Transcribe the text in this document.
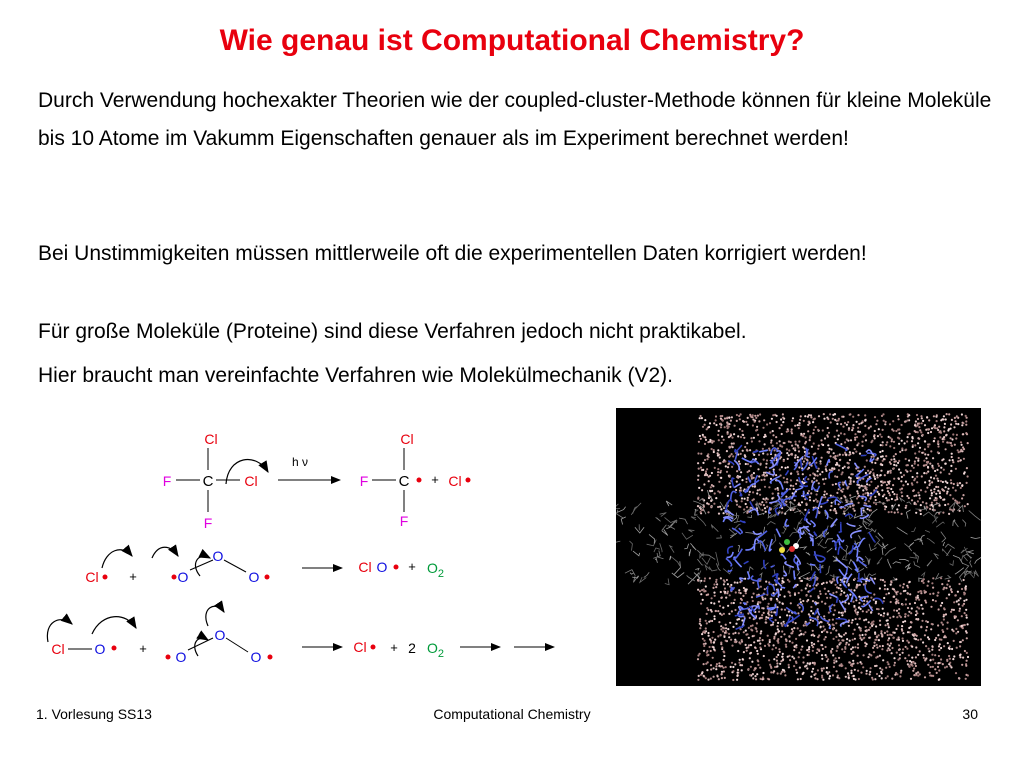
Wie genau ist Computational Chemistry?
Durch Verwendung hochexakter Theorien wie der coupled-cluster-Methode können für kleine Moleküle bis 10 Atome im Vakumm Eigenschaften genauer als im Experiment berechnet werden!
Bei Unstimmigkeiten müssen mittlerweile oft die experimentellen Daten korrigiert werden!
Für große Moleküle (Proteine) sind diese Verfahren jedoch nicht praktikabel.
Hier braucht man vereinfachte Verfahren wie Molekülmechanik (V2).
Cl
C
F	Cl
F
h ν
Cl
C
F
F
+ Cl
Cl +	O
O
O
Cl $O + O_2$
Cl O	+
O
O
O
Cl + 2 $O_2$
1. Vorlesung SS13	Computational Chemistry	30
